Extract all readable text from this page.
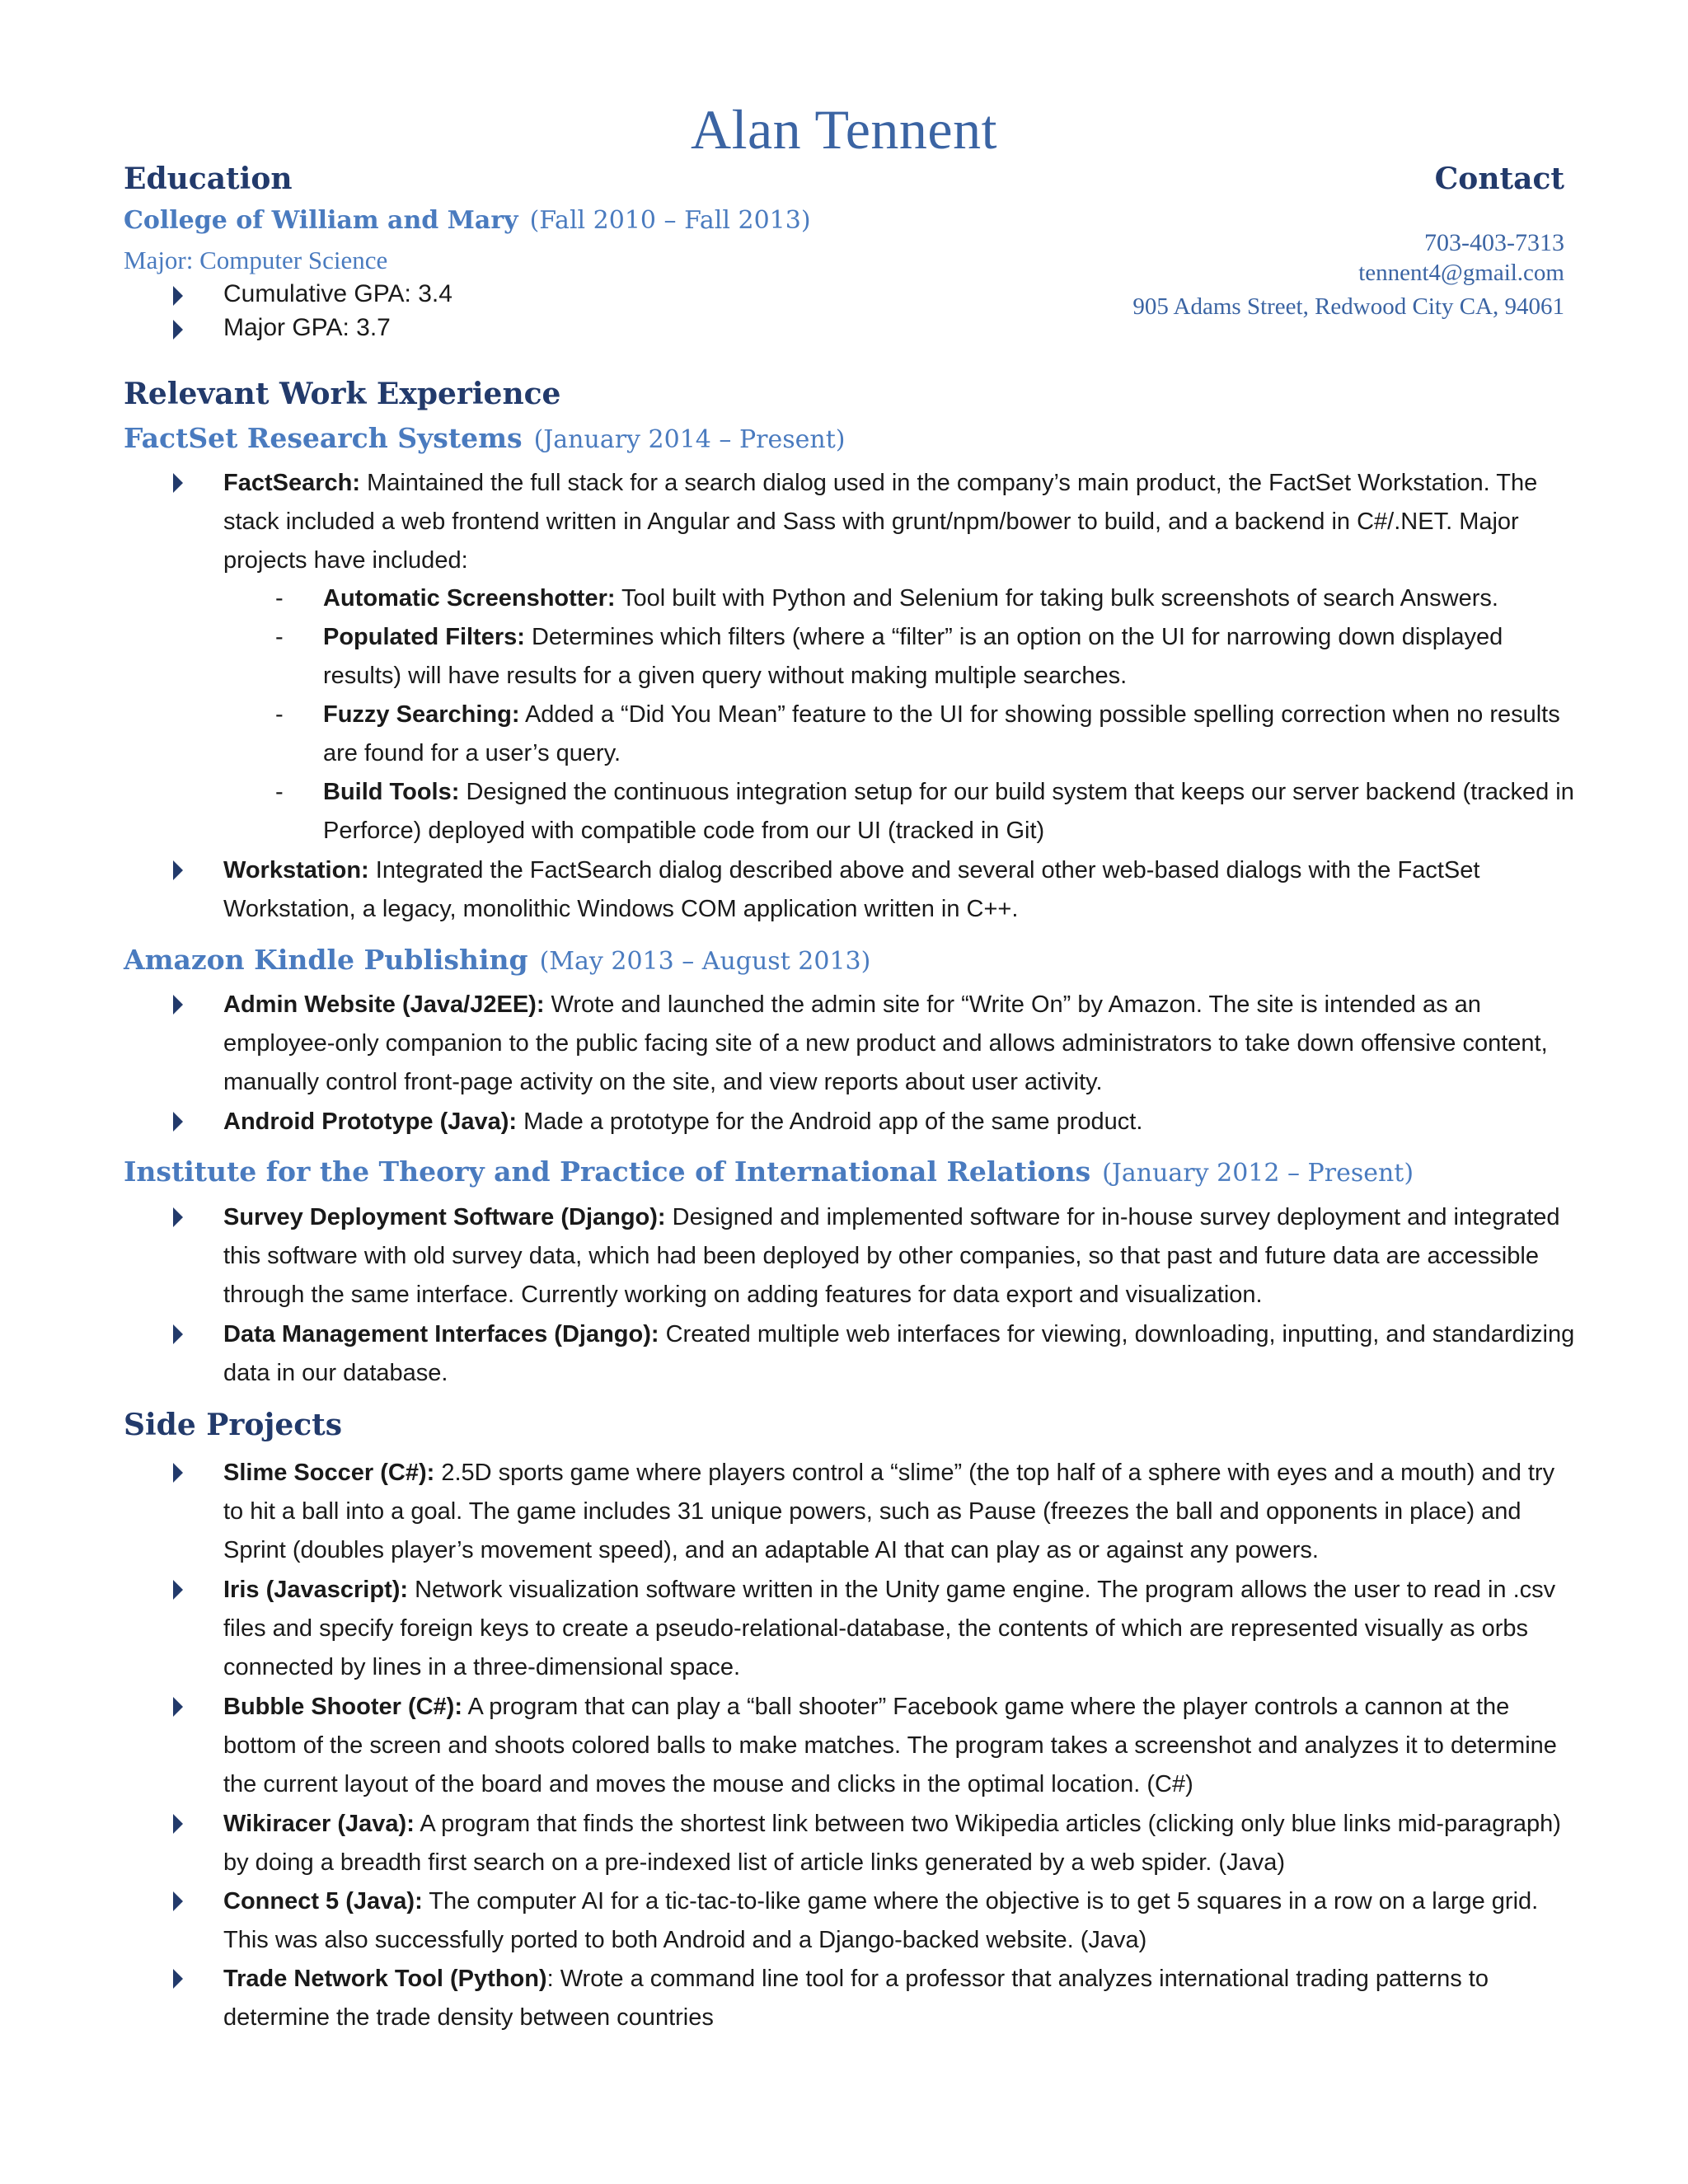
Alan Tennent
Education
College of William and Mary (Fall 2010 – Fall 2013)
Major: Computer Science
Cumulative GPA: 3.4
Major GPA: 3.7
Contact
703-403-7313
tennent4@gmail.com
905 Adams Street, Redwood City CA, 94061
Relevant Work Experience
FactSet Research Systems (January 2014 – Present)
FactSearch: Maintained the full stack for a search dialog used in the company’s main product, the FactSet Workstation. The stack included a web frontend written in Angular and Sass with grunt/npm/bower to build, and a backend in C#/.NET. Major projects have included:
- Automatic Screenshotter: Tool built with Python and Selenium for taking bulk screenshots of search Answers.
- Populated Filters: Determines which filters (where a “filter” is an option on the UI for narrowing down displayed results) will have results for a given query without making multiple searches.
- Fuzzy Searching: Added a “Did You Mean” feature to the UI for showing possible spelling correction when no results are found for a user’s query.
- Build Tools: Designed the continuous integration setup for our build system that keeps our server backend (tracked in Perforce) deployed with compatible code from our UI (tracked in Git)
Workstation: Integrated the FactSearch dialog described above and several other web-based dialogs with the FactSet Workstation, a legacy, monolithic Windows COM application written in C++.
Amazon Kindle Publishing (May 2013 – August 2013)
Admin Website (Java/J2EE): Wrote and launched the admin site for “Write On” by Amazon. The site is intended as an employee-only companion to the public facing site of a new product and allows administrators to take down offensive content, manually control front-page activity on the site, and view reports about user activity.
Android Prototype (Java): Made a prototype for the Android app of the same product.
Institute for the Theory and Practice of International Relations (January 2012 – Present)
Survey Deployment Software (Django): Designed and implemented software for in-house survey deployment and integrated this software with old survey data, which had been deployed by other companies, so that past and future data are accessible through the same interface. Currently working on adding features for data export and visualization.
Data Management Interfaces (Django): Created multiple web interfaces for viewing, downloading, inputting, and standardizing data in our database.
Side Projects
Slime Soccer (C#): 2.5D sports game where players control a “slime” (the top half of a sphere with eyes and a mouth) and try to hit a ball into a goal. The game includes 31 unique powers, such as Pause (freezes the ball and opponents in place) and Sprint (doubles player’s movement speed), and an adaptable AI that can play as or against any powers.
Iris (Javascript): Network visualization software written in the Unity game engine. The program allows the user to read in .csv files and specify foreign keys to create a pseudo-relational-database, the contents of which are represented visually as orbs connected by lines in a three-dimensional space.
Bubble Shooter (C#): A program that can play a “ball shooter” Facebook game where the player controls a cannon at the bottom of the screen and shoots colored balls to make matches. The program takes a screenshot and analyzes it to determine the current layout of the board and moves the mouse and clicks in the optimal location. (C#)
Wikiracer (Java): A program that finds the shortest link between two Wikipedia articles (clicking only blue links mid-paragraph) by doing a breadth first search on a pre-indexed list of article links generated by a web spider. (Java)
Connect 5 (Java): The computer AI for a tic-tac-to-like game where the objective is to get 5 squares in a row on a large grid. This was also successfully ported to both Android and a Django-backed website. (Java)
Trade Network Tool (Python): Wrote a command line tool for a professor that analyzes international trading patterns to determine the trade density between countries
